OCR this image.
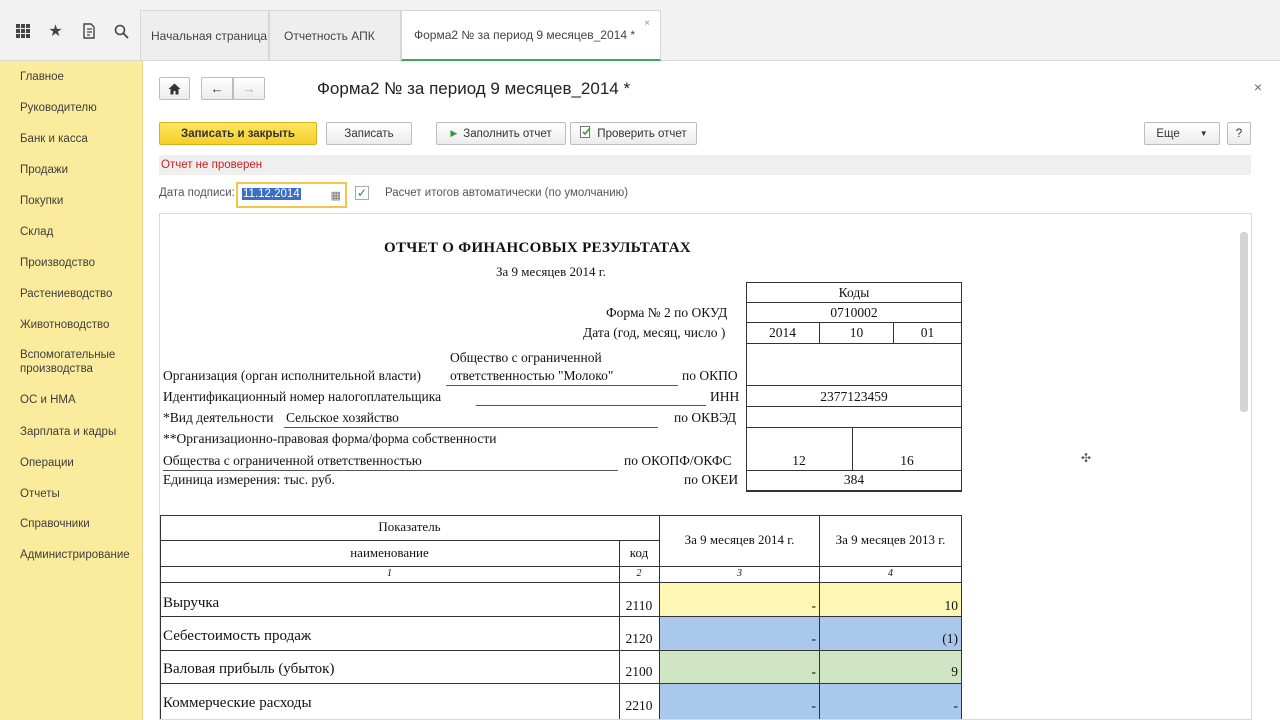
★	Начальная страница Отчетность АПК	Форма2 № за период 9 месяцев_2014 *
×
Главное
Руководителю
Банк и касса
Продажи
Покупки
Склад
Производство
Растениеводство
Животноводство
Вспомогательные производства
ОС и НМА
Зарплата и кадры
Операции
Отчеты
Справочники
Администрирование
← →	Форма2 № за период 9 месяцев_2014 *	×
Записать и закрыть	Записать	▶ Заполнить отчет	Проверить отчет	Еще	▼	?
Отчет не проверен
Дата подписи: 11.12.2014	▦ ✓ Расчет итогов автоматически (по умолчанию)
ОТЧЕТ О ФИНАНСОВЫХ РЕЗУЛЬТАТАХ
За 9 месяцев 2014 г.
Коды
Форма № 2 по ОКУД	0710002
Дата (год, месяц, число )	2014	10	01
Общество с ограниченной
Организация (орган исполнительной власти) ответственностью "Молоко"	по ОКПО
Идентификационный номер налогоплательщика	ИНН	2377123459
*Вид деятельности Сельское хозяйство	по ОКВЭД
**Организационно-правовая форма/форма собственности
Общества с ограниченной ответственностью	по ОКОПФ/ОКФС	12	16
Единица измерения: тыс. руб.	по ОКЕИ	384
Показатель
наименование	код
За 9 месяцев 2014 г.	За 9 месяцев 2013 г.
1	2	3	4
Выручка	2110	-	10
Себестоимость продаж	2120	-	(1)
Валовая прибыль (убыток)	2100	-	9
Коммерческие расходы	2210	-	-
✣
